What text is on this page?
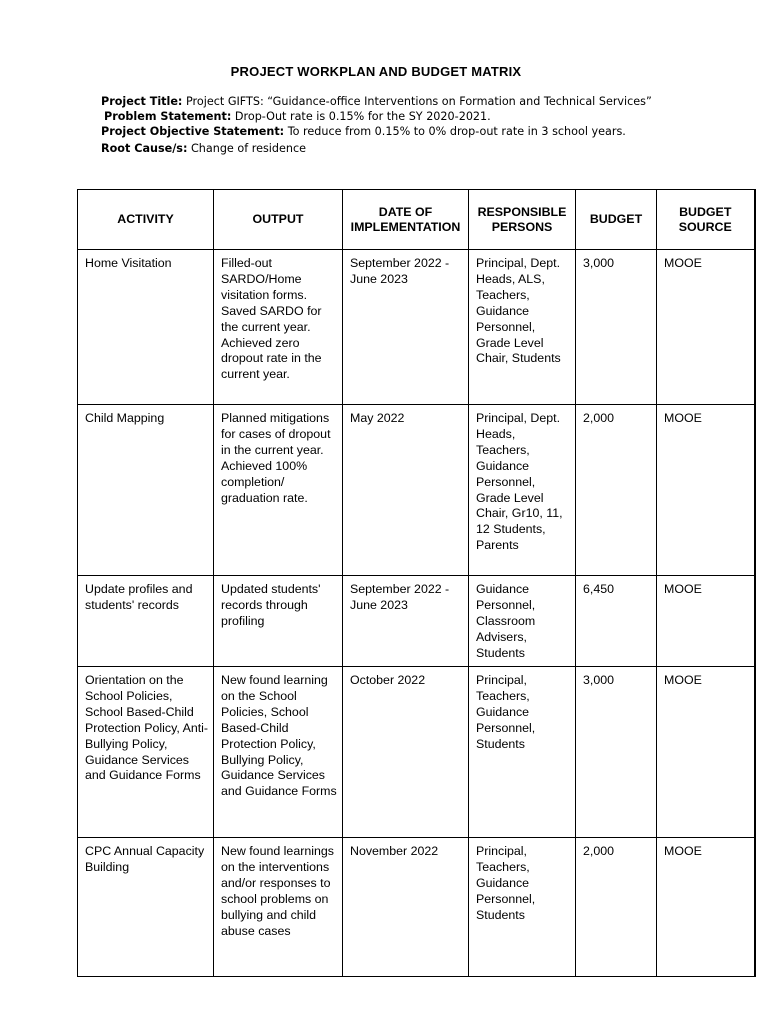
PROJECT WORKPLAN AND BUDGET MATRIX
Project Title: Project GIFTS: “Guidance-office Interventions on Formation and Technical Services”
Problem Statement: Drop-Out rate is 0.15% for the SY 2020-2021.
Project Objective Statement: To reduce from 0.15% to 0% drop-out rate in 3 school years.
Root Cause/s: Change of residence
ACTIVITY	OUTPUT	DATE OF IMPLEMENTATION	RESPONSIBLE PERSONS	BUDGET	BUDGET SOURCE
Home Visitation	Filled-out SARDO/Home visitation forms. Saved SARDO for the current year. Achieved zero dropout rate in the current year.	September 2022 - June 2023	Principal, Dept. Heads, ALS, Teachers, Guidance Personnel, Grade Level Chair, Students	3,000	MOOE
Child Mapping	Planned mitigations for cases of dropout in the current year. Achieved 100% completion/ graduation rate.	May 2022	Principal, Dept. Heads, Teachers, Guidance Personnel, Grade Level Chair, Gr10, 11, 12 Students, Parents	2,000	MOOE
Update profiles and students' records	Updated students' records through profiling	September 2022 - June 2023	Guidance Personnel, Classroom Advisers, Students	6,450	MOOE
Orientation on the School Policies, School Based-Child Protection Policy, Anti-Bullying Policy, Guidance Services and Guidance Forms	New found learning on the School Policies, School Based-Child Protection Policy, Bullying Policy, Guidance Services and Guidance Forms	October 2022	Principal, Teachers, Guidance Personnel, Students	3,000	MOOE
CPC Annual Capacity Building	New found learnings on the interventions and/or responses to school problems on bullying and child abuse cases	November 2022	Principal, Teachers, Guidance Personnel, Students	2,000	MOOE
